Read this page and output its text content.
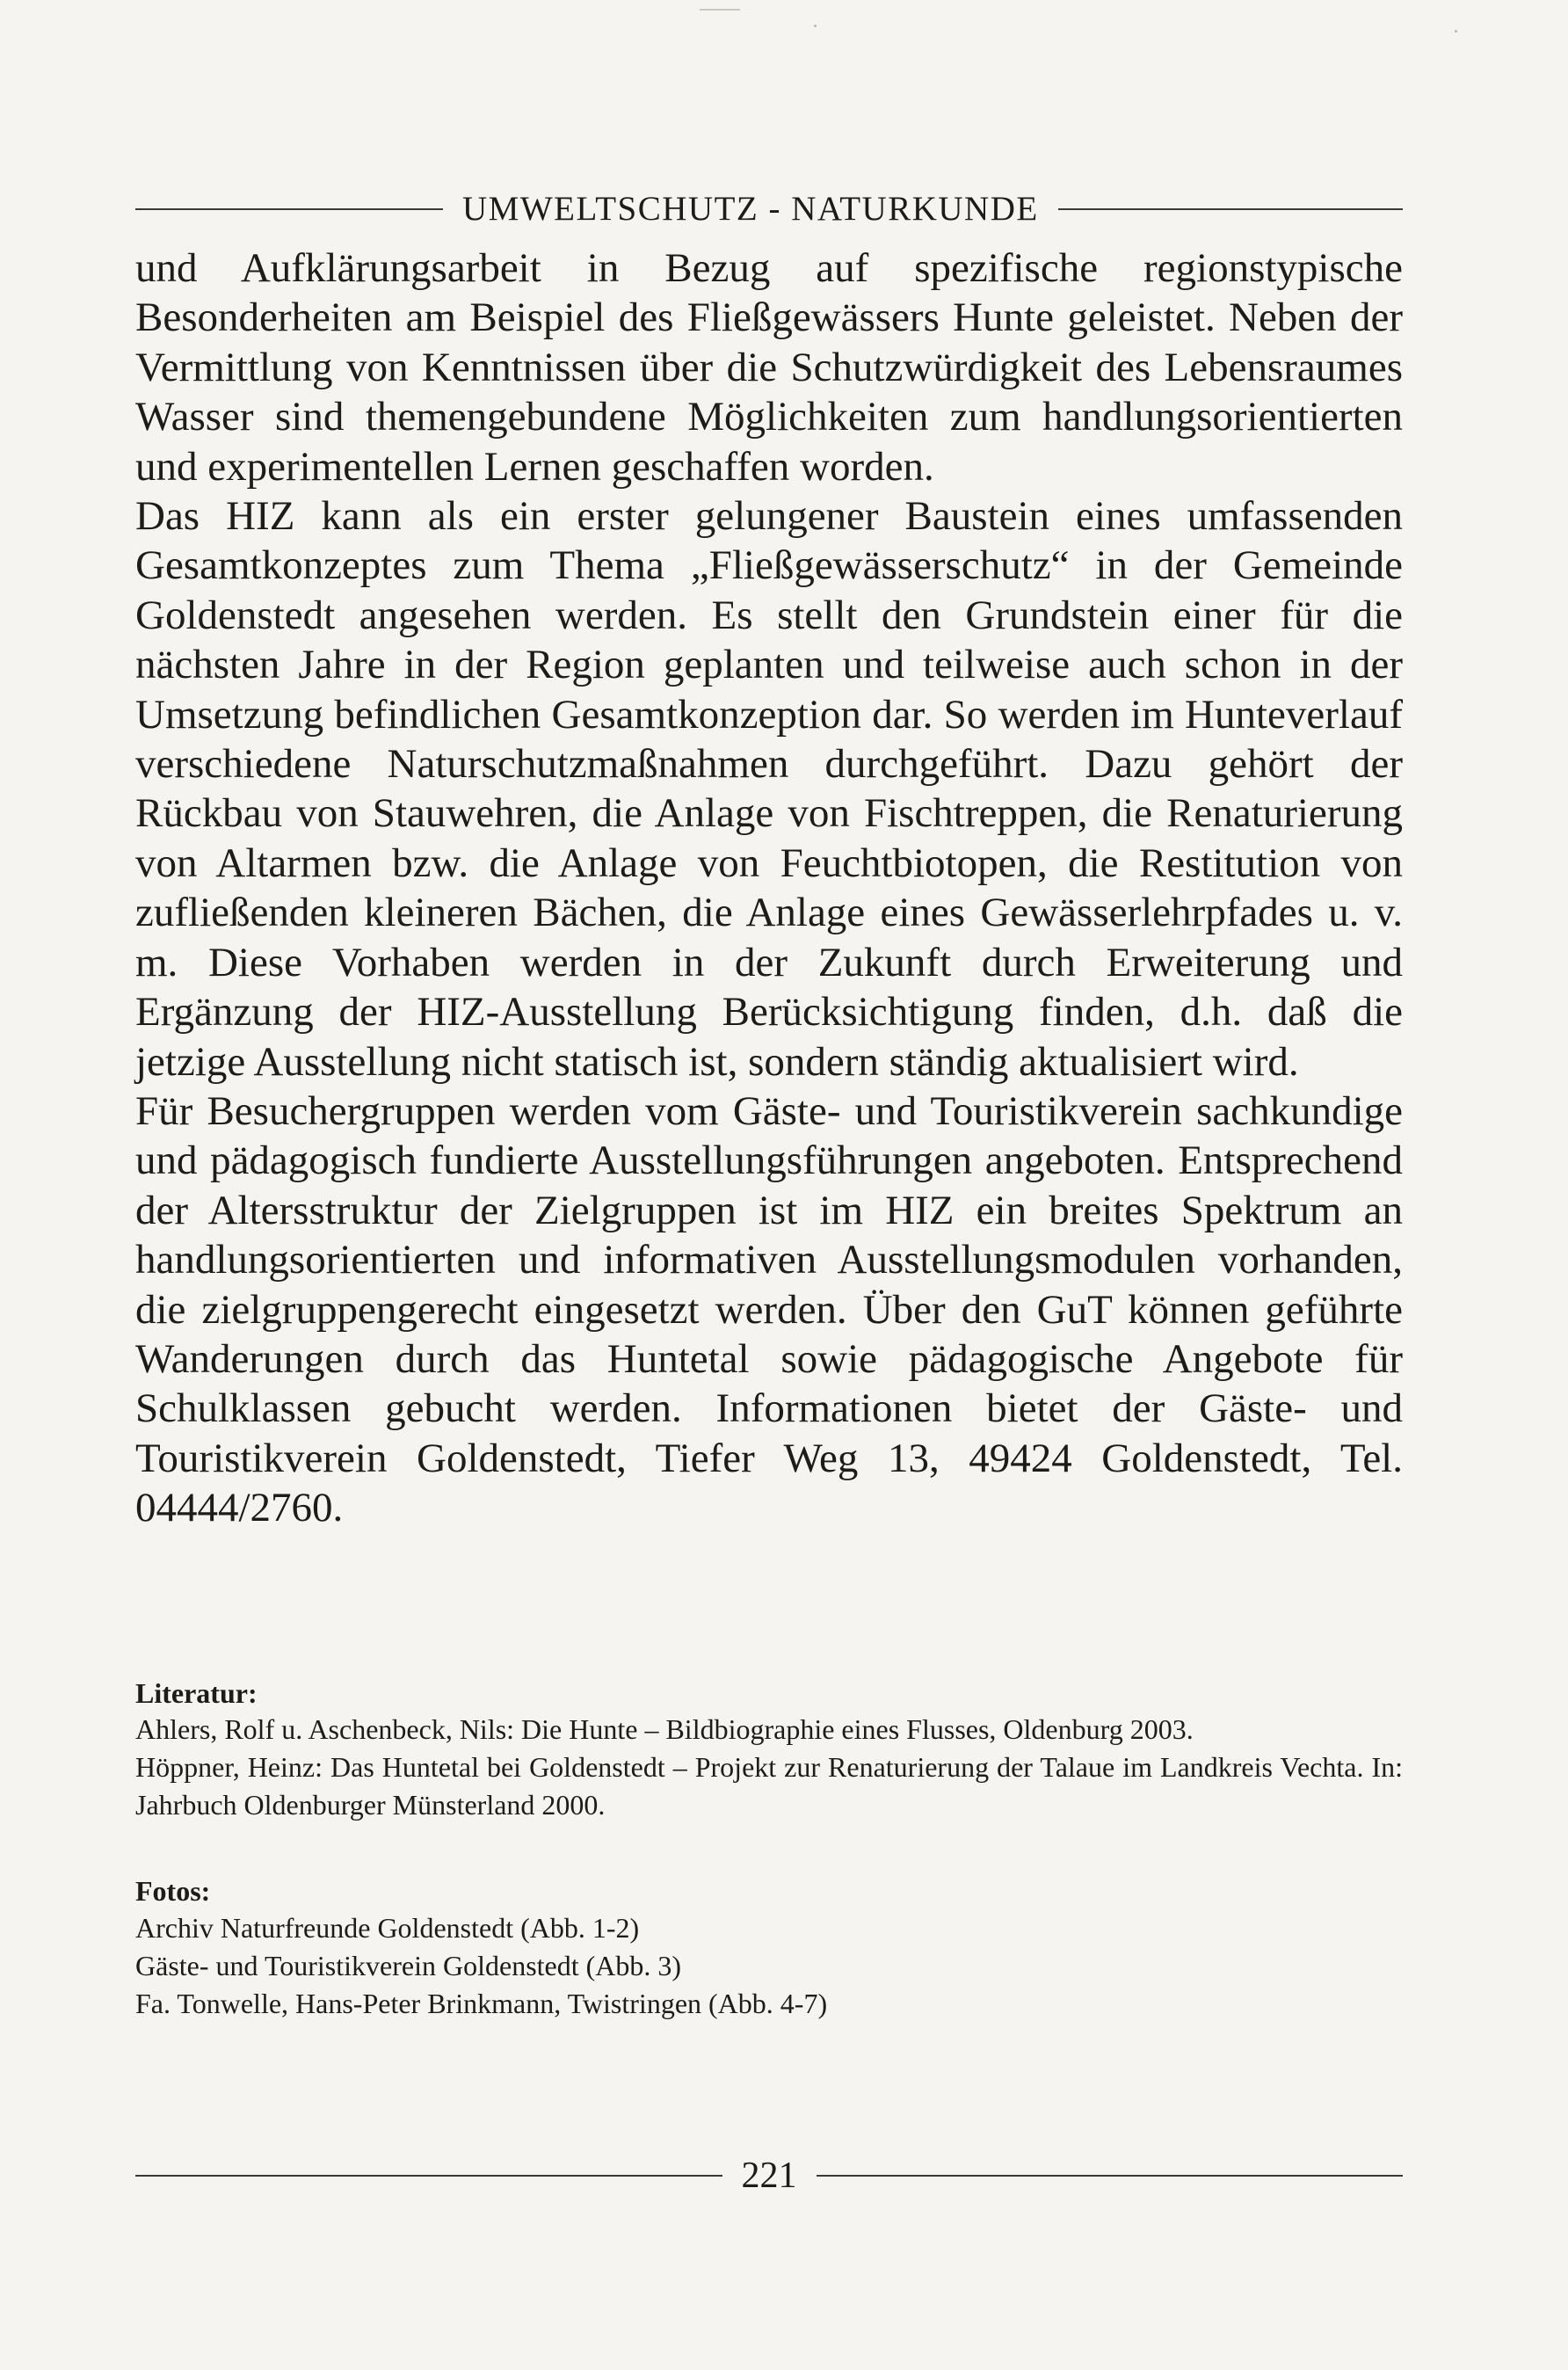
UMWELTSCHUTZ - NATURKUNDE

und Aufklärungsarbeit in Bezug auf spezifische regionstypische Besonderheiten am Beispiel des Fließgewässers Hunte geleistet. Neben der Vermittlung von Kenntnissen über die Schutzwürdigkeit des Lebensraumes Wasser sind themengebundene Möglichkeiten zum handlungsorientierten und experimentellen Lernen geschaffen worden.

Das HIZ kann als ein erster gelungener Baustein eines umfassenden Gesamtkonzeptes zum Thema „Fließgewässerschutz“ in der Gemeinde Goldenstedt angesehen werden. Es stellt den Grundstein einer für die nächsten Jahre in der Region geplanten und teilweise auch schon in der Umsetzung befindlichen Gesamtkonzeption dar. So werden im Hunteverlauf verschiedene Naturschutzmaßnahmen durchgeführt. Dazu gehört der Rückbau von Stauwehren, die Anlage von Fischtreppen, die Renaturierung von Altarmen bzw. die Anlage von Feuchtbiotopen, die Restitution von zufließenden kleineren Bächen, die Anlage eines Gewässerlehrpfades u. v. m. Diese Vorhaben werden in der Zukunft durch Erweiterung und Ergänzung der HIZ-Ausstellung Berücksichtigung finden, d.h. daß die jetzige Ausstellung nicht statisch ist, sondern ständig aktualisiert wird.

Für Besuchergruppen werden vom Gäste- und Touristikverein sachkundige und pädagogisch fundierte Ausstellungsführungen angeboten. Entsprechend der Altersstruktur der Zielgruppen ist im HIZ ein breites Spektrum an handlungsorientierten und informativen Ausstellungsmodulen vorhanden, die zielgruppengerecht eingesetzt werden. Über den GuT können geführte Wanderungen durch das Huntetal sowie pädagogische Angebote für Schulklassen gebucht werden. Informationen bietet der Gäste- und Touristikverein Goldenstedt, Tiefer Weg 13, 49424 Goldenstedt, Tel. 04444/2760.

Literatur:
Ahlers, Rolf u. Aschenbeck, Nils: Die Hunte – Bildbiographie eines Flusses, Oldenburg 2003.
Höppner, Heinz: Das Huntetal bei Goldenstedt – Projekt zur Renaturierung der Talaue im Landkreis Vechta. In: Jahrbuch Oldenburger Münsterland 2000.
Fotos:
Archiv Naturfreunde Goldenstedt (Abb. 1-2)
Gäste- und Touristikverein Goldenstedt (Abb. 3)
Fa. Tonwelle, Hans-Peter Brinkmann, Twistringen (Abb. 4-7)
221
